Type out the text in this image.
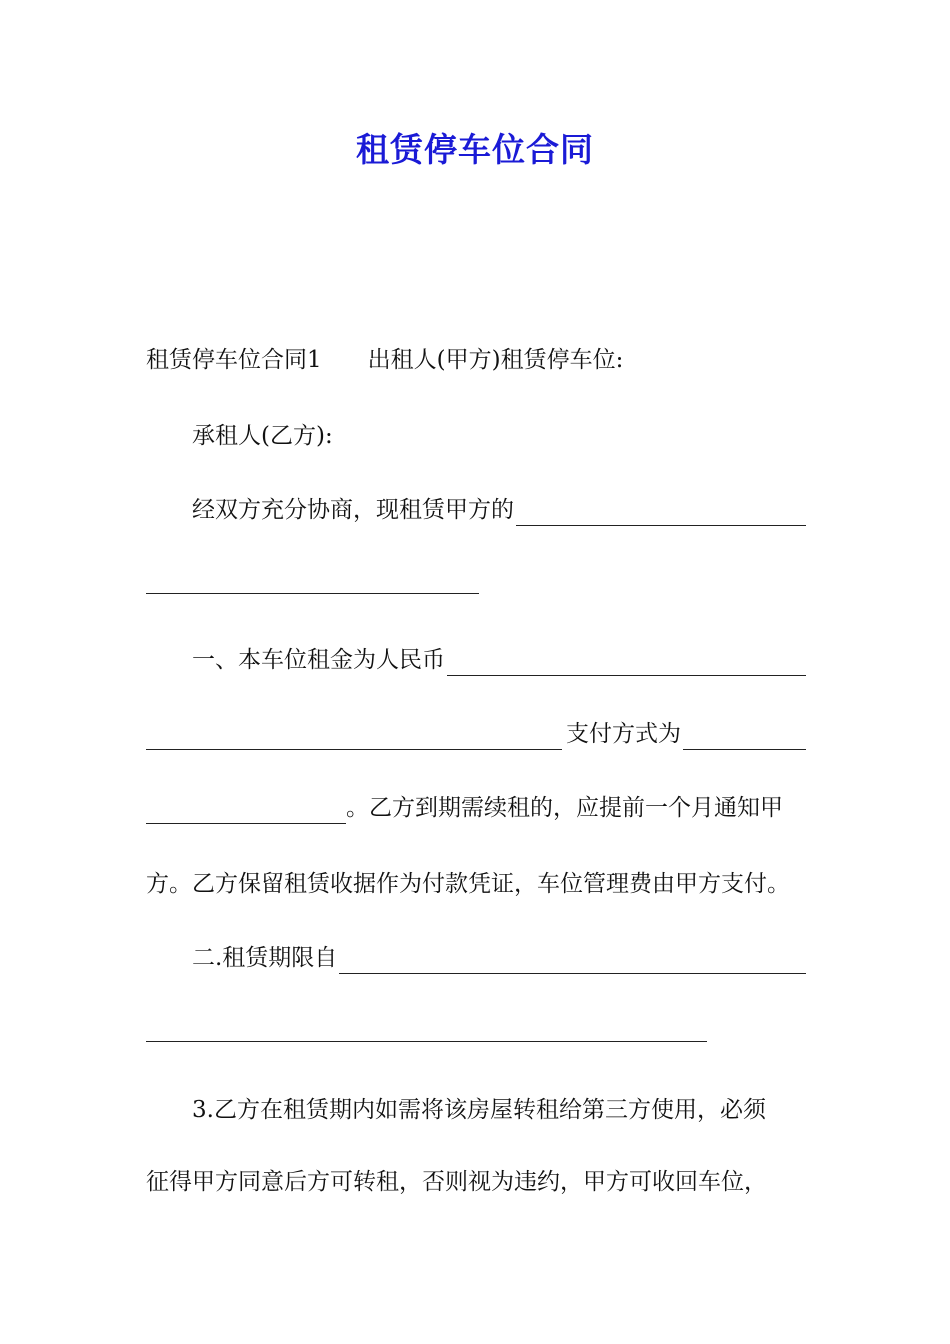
租赁停车位合同
租赁停车位合同1 出租人(甲方)租赁停车位:
承租人(乙方):
经双方充分协商，现租赁甲方的
一、本车位租金为人民币
支付方式为
。乙方到期需续租的，应提前一个月通知甲
方。乙方保留租赁收据作为付款凭证，车位管理费由甲方支付。
二.租赁期限自
3.乙方在租赁期内如需将该房屋转租给第三方使用，必须
征得甲方同意后方可转租，否则视为违约，甲方可收回车位，
